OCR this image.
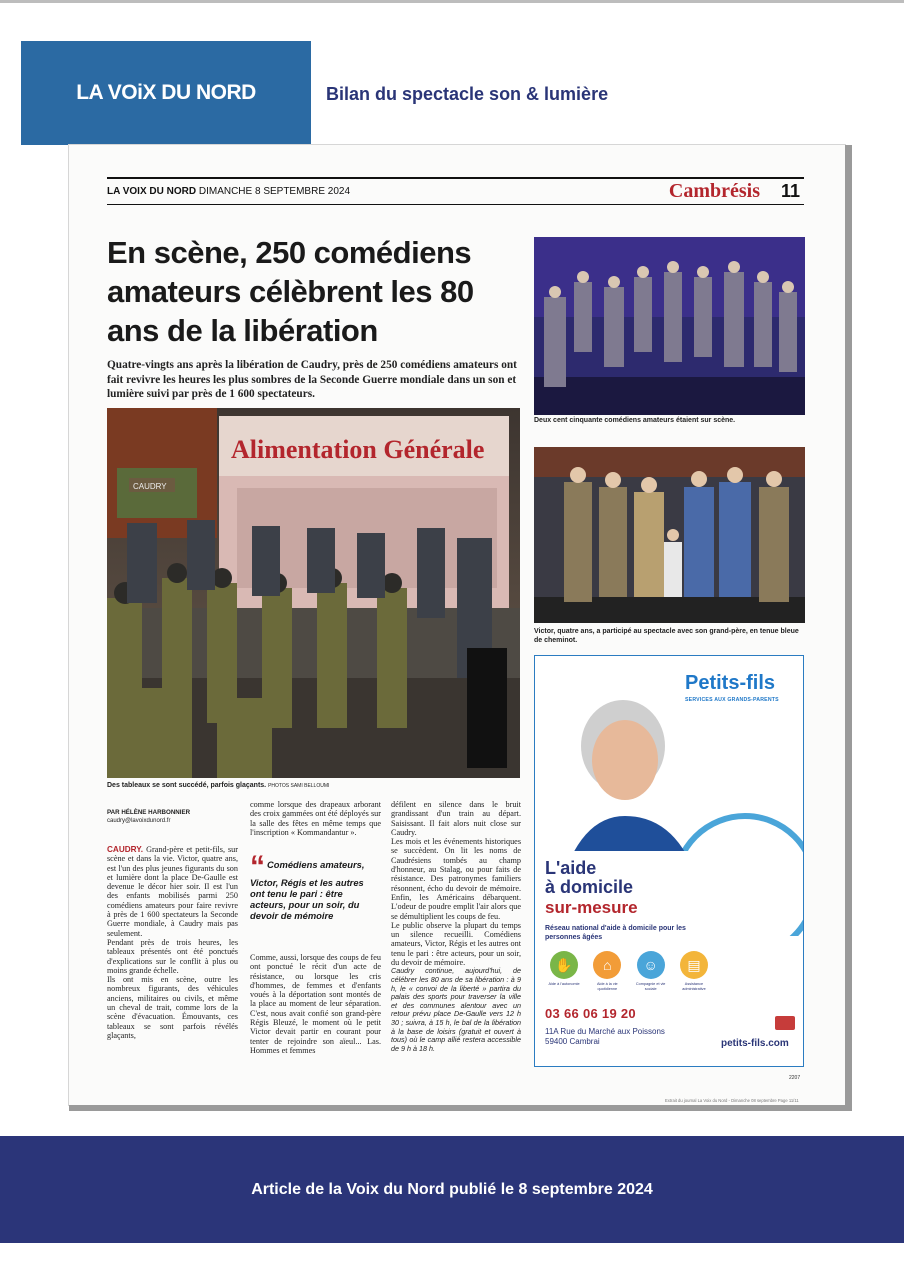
LA VOiX DU NORD	Bilan du spectacle son & lumière
LA VOIX DU NORD DIMANCHE 8 SEPTEMBRE 2024	Cambrésis 11
En scène, 250 comédiens amateurs célèbrent les 80 ans de la libération
Quatre-vingts ans après la libération de Caudry, près de 250 comédiens amateurs ont fait revivre les heures les plus sombres de la Seconde Guerre mondiale dans un son et lumière suivi par près de 1 600 spectateurs.
Alimentation Générale
CAUDRY
Des tableaux se sont succédé, parfois glaçants. PHOTOS SAMI BELLOUMI
Deux cent cinquante comédiens amateurs étaient sur scène.
Victor, quatre ans, a participé au spectacle avec son grand-père, en tenue bleue de cheminot.
PAR HÉLÈNE HARBONNIER
caudry@lavoixdunord.fr

CAUDRY. Grand-père et petit-fils, sur scène et dans la vie. Victor, quatre ans, est l'un des plus jeunes figurants du son et lumière dont la place De-Gaulle est devenue le décor hier soir. Il est l'un des enfants mobilisés parmi 250 comédiens amateurs pour faire revivre à près de 1 600 spectateurs la Seconde Guerre mondiale, à Caudry mais pas seulement.

Pendant près de trois heures, les tableaux présentés ont été ponctués d'explications sur le conflit à plus ou moins grande échelle.

Ils ont mis en scène, outre les nombreux figurants, des véhicules anciens, militaires ou civils, et même un cheval de trait, comme lors de la scène d'évacuation. Émouvants, ces tableaux se sont parfois révélés glaçants,

comme lorsque des drapeaux arborant des croix gammées ont été déployés sur la salle des fêtes en même temps que l'inscription « Kommandantur ».

“ Comédiens amateurs, Victor, Régis et les autres ont tenu le pari : être acteurs, pour un soir, du devoir de mémoire

Comme, aussi, lorsque des coups de feu ont ponctué le récit d'un acte de résistance, ou lorsque les cris d'hommes, de femmes et d'enfants voués à la déportation sont montés de la place au moment de leur séparation. C'est, nous avait confié son grand-père Régis Bleuzé, le moment où le petit Victor devait partir en courant pour tenter de rejoindre son aïeul... Las. Hommes et femmes

défilent en silence dans le bruit grandissant d'un train au départ. Saisissant. Il fait alors nuit close sur Caudry.

Les mois et les événements historiques se succèdent. On lit les noms de Caudrésiens tombés au champ d'honneur, au Stalag, ou pour faits de résistance. Des patronymes familiers résonnent, écho du devoir de mémoire. Enfin, les Américains débarquent. L'odeur de poudre emplit l'air alors que se démultiplient les coups de feu.

Le public observe la plupart du temps un silence recueilli. Comédiens amateurs, Victor, Régis et les autres ont tenu le pari : être acteurs, pour un soir, du devoir de mémoire.

Caudry continue, aujourd'hui, de célébrer les 80 ans de sa libération : à 9 h, le « convoi de la liberté » partira du palais des sports pour traverser la ville et des communes alentour avec un retour prévu place De-Gaulle vers 12 h 30 ; suivra, à 15 h, le bal de la libération à la base de loisirs (gratuit et ouvert à tous) où le camp allié restera accessible de 9 h à 18 h.

Petits-fils
SERVICES AUX GRANDS-PARENTS
L'aide
à domicile
sur-mesure
Réseau national d'aide à domicile pour les personnes âgées
✋
Aide à l'autonomie
⌂
Aide à la vie quotidienne
☺
Compagnie et vie sociale
▤
Assistance administrative
03 66 06 19 20
11A Rue du Marché aux Poissons
59400 Cambrai	petits-fils.com
2207
Extrait du journal La Voix du Nord - Dimanche 08 septembre Page 11/11
Article de la Voix du Nord publié le 8 septembre 2024
